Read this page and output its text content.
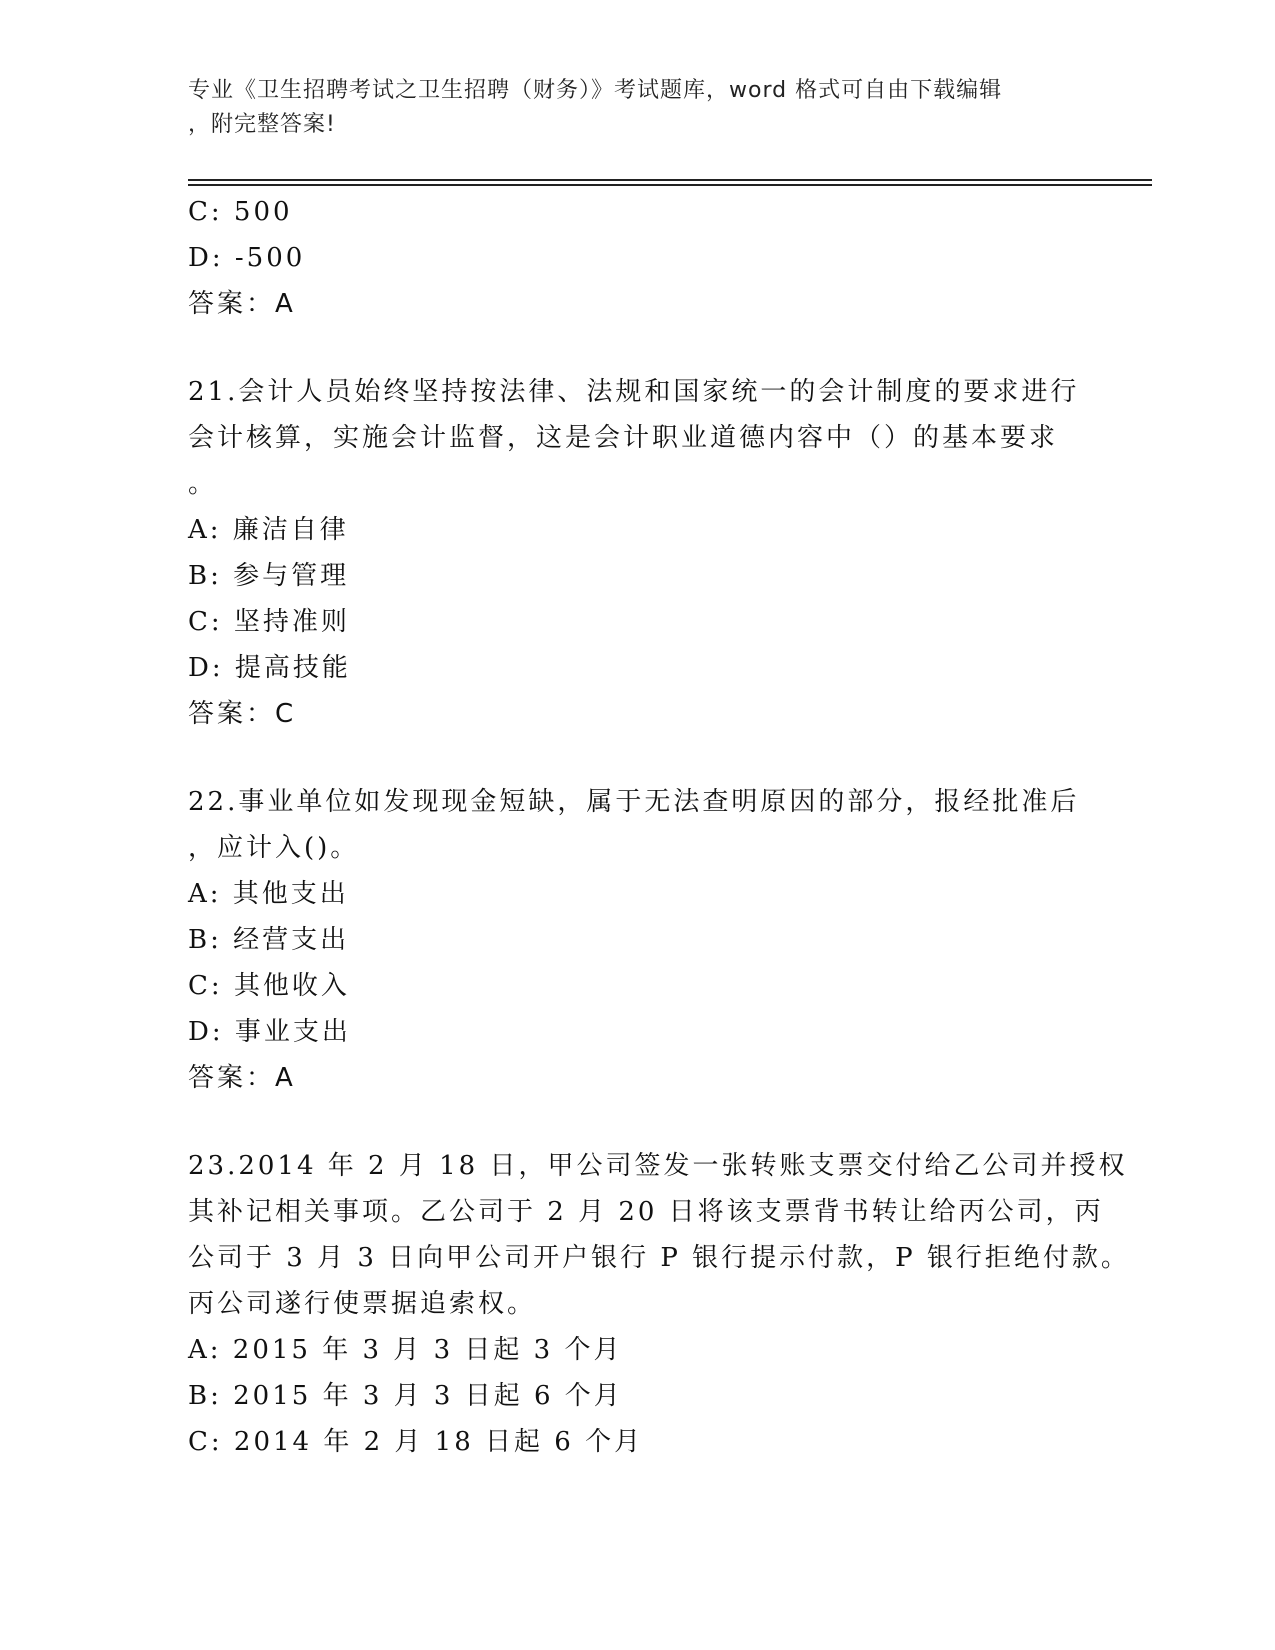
专业《卫生招聘考试之卫生招聘（财务）》考试题库，word 格式可自由下载编辑
，附完整答案!
C: 500
D: -500
答案：A
21.会计人员始终坚持按法律、法规和国家统一的会计制度的要求进行
会计核算，实施会计监督，这是会计职业道德内容中（）的基本要求
。
A: 廉洁自律
B: 参与管理
C: 坚持准则
D: 提高技能
答案：C
22.事业单位如发现现金短缺，属于无法查明原因的部分，报经批准后
，应计入()。
A: 其他支出
B: 经营支出
C: 其他收入
D: 事业支出
答案：A
23.2014 年 2 月 18 日，甲公司签发一张转账支票交付给乙公司并授权
其补记相关事项。乙公司于 2 月 20 日将该支票背书转让给丙公司，丙
公司于 3 月 3 日向甲公司开户银行 P 银行提示付款，P 银行拒绝付款。
丙公司遂行使票据追索权。
A: 2015 年 3 月 3 日起 3 个月
B: 2015 年 3 月 3 日起 6 个月
C: 2014 年 2 月 18 日起 6 个月
